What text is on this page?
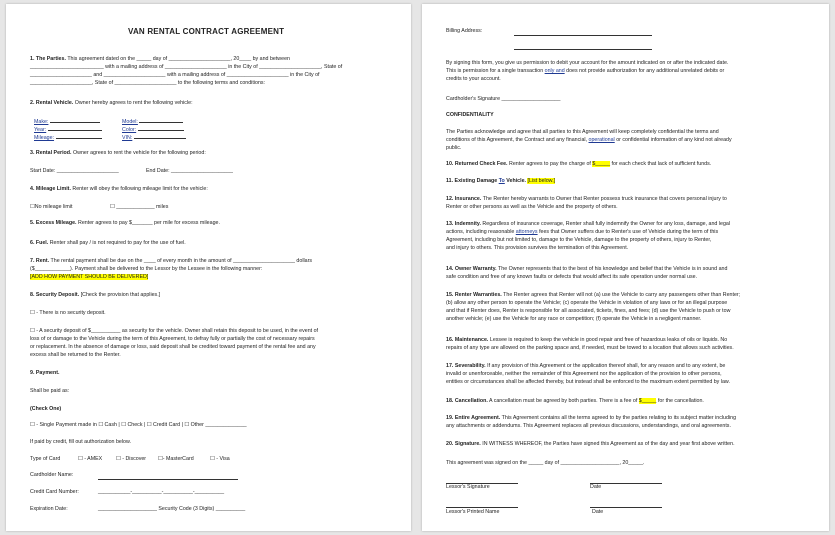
VAN RENTAL CONTRACT AGREEMENT
1. The Parties. This agreement dated on the _____ day of _____________________, 20____ by and between
_________________________ with a mailing address of _____________________ in the City of _____________________, State of
_____________________ and _____________________ with a mailing address of _____________________ in the City of
_____________________, State of _____________________ to the following terms and conditions:
2. Rental Vehicle. Owner hereby agrees to rent the following vehicle:
Make:	Model:
Year:	Color:
Mileage:	VIN:
3. Rental Period. Owner agrees to rent the vehicle for the following period:
Start Date: _____________________	End Date: _____________________
4. Mileage Limit. Renter will obey the following mileage limit for the vehicle:
☐No mileage limit	☐ _____________ miles
5. Excess Mileage. Renter agrees to pay $_______ per mile for excess mileage.
6. Fuel. Renter shall pay / is not required to pay for the use of fuel.
7. Rent. The rental payment shall be due on the ____ of every month in the amount of _____________________ dollars
($____________). Payment shall be delivered to the Lessor by the Lessee in the following manner:
[ADD HOW PAYMENT SHOULD BE DELIVERED]
8. Security Deposit. [Check the provision that applies.]
☐ - There is no security deposit.
☐ - A security deposit of $__________ as security for the vehicle. Owner shall retain this deposit to be used, in the event of
loss of or damage to the Vehicle during the term of this Agreement, to defray fully or partially the cost of necessary repairs
or replacement. In the absence of damage or loss, said deposit shall be credited toward payment of the rental fee and any
excess shall be returned to the Renter.
9. Payment.
Shall be paid as:
(Check One)
☐ - Single Payment made in ☐ Cash | ☐ Check | ☐ Credit Card | ☐ Other ______________
If paid by credit, fill out authorization below.
Type of Card	☐ - AMEX	☐ - Discover ☐- MasterCard	☐ - Visa
Cardholder Name:
Credit Card Number:	___________-__________-__________-__________
Expiration Date:	____________________ Security Code (3 Digits) __________
Billing Address:
By signing this form, you give us permission to debit your account for the amount indicated on or after the indicated date.
This is permission for a single transaction only and does not provide authorization for any additional unrelated debits or
credits to your account.
Cardholder's Signature ____________________
CONFIDENTIALITY
The Parties acknowledge and agree that all parties to this Agreement will keep completely confidential the terms and
conditions of this Agreement, the Contract and any financial, operational or confidential information of any kind not already
public.
10. Returned Check Fee. Renter agrees to pay the charge of $_____ for each check that lack of sufficient funds.
11. Existing Damage To Vehicle. [List below.]
12. Insurance. The Renter hereby warrants to Owner that Renter possess truck insurance that covers personal injury to
Renter or other persons as well as the Vehicle and the property of others.
13. Indemnity. Regardless of insurance coverage, Renter shall fully indemnify the Owner for any loss, damage, and legal
actions, including reasonable attorneys fees that Owner suffers due to Renter's use of Vehicle during the term of this
Agreement, including but not limited to, damage to the Vehicle, damage to the property of others, injury to Renter,
and injury to others. This provision survives the termination of this Agreement.
14. Owner Warranty. The Owner represents that to the best of his knowledge and belief that the Vehicle is in sound and
safe condition and free of any known faults or defects that would affect its safe operation under normal use.
15. Renter Warranties. The Renter agrees that Renter will not (a) use the Vehicle to carry any passengers other than Renter;
(b) allow any other person to operate the Vehicle; (c) operate the Vehicle in violation of any laws or for an illegal purpose
and that if Renter does, Renter is responsible for all associated, tickets, fines, and fees; (d) use the Vehicle to push or tow
another vehicle; (e) use the Vehicle for any race or competition; (f) operate the Vehicle in a negligent manner.
16. Maintenance. Lessee is required to keep the vehicle in good repair and free of hazardous leaks of oils or liquids. No
repairs of any type are allowed on the parking space and, if needed, must be towed to a location that allows such activities.
17. Severability. If any provision of this Agreement or the application thereof shall, for any reason and to any extent, be
invalid or unenforceable, neither the remainder of this Agreement nor the application of the provision to other persons,
entities or circumstances shall be affected thereby, but instead shall be enforced to the maximum extent permitted by law.
18. Cancellation. A cancellation must be agreed by both parties. There is a fee of $_____ for the cancellation.
19. Entire Agreement. This Agreement contains all the terms agreed to by the parties relating to its subject matter including
any attachments or addendums. This Agreement replaces all previous discussions, understandings, and oral agreements.
20. Signature. IN WITNESS WHEREOF, the Parties have signed this Agreement as of the day and year first above written.
This agreement was signed on the _____ day of ____________________, 20_____.
Lessor's Signature	Date
Lessor's Printed Name	Date
